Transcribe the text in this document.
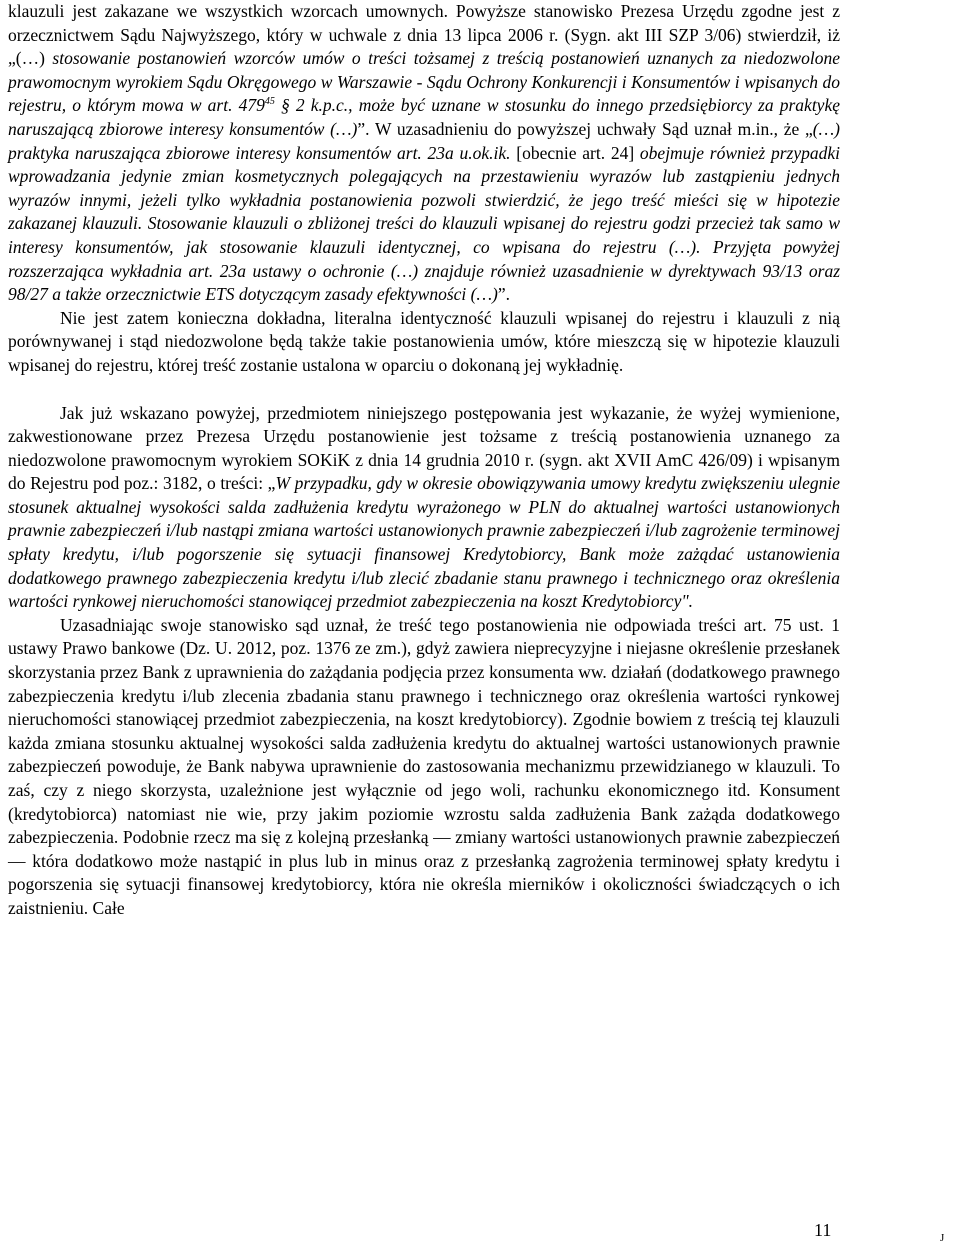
klauzuli jest zakazane we wszystkich wzorcach umownych. Powyższe stanowisko Prezesa Urzędu zgodne jest z orzecznictwem Sądu Najwyższego, który w uchwale z dnia 13 lipca 2006 r. (Sygn. akt III SZP 3/06) stwierdził, iż „(…) stosowanie postanowień wzorców umów o treści tożsamej z treścią postanowień uznanych za niedozwolone prawomocnym wyrokiem Sądu Okręgowego w Warszawie - Sądu Ochrony Konkurencji i Konsumentów i wpisanych do rejestru, o którym mowa w art. $479^{45}$ § 2 k.p.c., może być uznane w stosunku do innego przedsiębiorcy za praktykę naruszającą zbiorowe interesy konsumentów (…)”. W uzasadnieniu do powyższej uchwały Sąd uznał m.in., że „(…) praktyka naruszająca zbiorowe interesy konsumentów art. 23a u.ok.ik. [obecnie art. 24] obejmuje również przypadki wprowadzania jedynie zmian kosmetycznych polegających na przestawieniu wyrazów lub zastąpieniu jednych wyrazów innymi, jeżeli tylko wykładnia postanowienia pozwoli stwierdzić, że jego treść mieści się w hipotezie zakazanej klauzuli. Stosowanie klauzuli o zbliżonej treści do klauzuli wpisanej do rejestru godzi przecież tak samo w interesy konsumentów, jak stosowanie klauzuli identycznej, co wpisana do rejestru (…). Przyjęta powyżej rozszerzająca wykładnia art. 23a ustawy o ochronie (…) znajduje również uzasadnienie w dyrektywach 93/13 oraz 98/27 a także orzecznictwie ETS dotyczącym zasady efektywności (…)”.

Nie jest zatem konieczna dokładna, literalna identyczność klauzuli wpisanej do rejestru i klauzuli z nią porównywanej i stąd niedozwolone będą także takie postanowienia umów, które mieszczą się w hipotezie klauzuli wpisanej do rejestru, której treść zostanie ustalona w oparciu o dokonaną jej wykładnię.

Jak już wskazano powyżej, przedmiotem niniejszego postępowania jest wykazanie, że wyżej wymienione, zakwestionowane przez Prezesa Urzędu postanowienie jest tożsame z treścią postanowienia uznanego za niedozwolone prawomocnym wyrokiem SOKiK z dnia 14 grudnia 2010 r. (sygn. akt XVII AmC 426/09) i wpisanym do Rejestru pod poz.: 3182, o treści: „W przypadku, gdy w okresie obowiązywania umowy kredytu zwiększeniu ulegnie stosunek aktualnej wysokości salda zadłużenia kredytu wyrażonego w PLN do aktualnej wartości ustanowionych prawnie zabezpieczeń i/lub nastąpi zmiana wartości ustanowionych prawnie zabezpieczeń i/lub zagrożenie terminowej spłaty kredytu, i/lub pogorszenie się sytuacji finansowej Kredytobiorcy, Bank może zażądać ustanowienia dodatkowego prawnego zabezpieczenia kredytu i/lub zlecić zbadanie stanu prawnego i technicznego oraz określenia wartości rynkowej nieruchomości stanowiącej przedmiot zabezpieczenia na koszt Kredytobiorcy".

Uzasadniając swoje stanowisko sąd uznał, że treść tego postanowienia nie odpowiada treści art. 75 ust. 1 ustawy Prawo bankowe (Dz. U. 2012, poz. 1376 ze zm.), gdyż zawiera nieprecyzyjne i niejasne określenie przesłanek skorzystania przez Bank z uprawnienia do zażądania podjęcia przez konsumenta ww. działań (dodatkowego prawnego zabezpieczenia kredytu i/lub zlecenia zbadania stanu prawnego i technicznego oraz określenia wartości rynkowej nieruchomości stanowiącej przedmiot zabezpieczenia, na koszt kredytobiorcy). Zgodnie bowiem z treścią tej klauzuli każda zmiana stosunku aktualnej wysokości salda zadłużenia kredytu do aktualnej wartości ustanowionych prawnie zabezpieczeń powoduje, że Bank nabywa uprawnienie do zastosowania mechanizmu przewidzianego w klauzuli. To zaś, czy z niego skorzysta, uzależnione jest wyłącznie od jego woli, rachunku ekonomicznego itd. Konsument (kredytobiorca) natomiast nie wie, przy jakim poziomie wzrostu salda zadłużenia Bank zażąda dodatkowego zabezpieczenia. Podobnie rzecz ma się z kolejną przesłanką — zmiany wartości ustanowionych prawnie zabezpieczeń — która dodatkowo może nastąpić in plus lub in minus oraz z przesłanką zagrożenia terminowej spłaty kredytu i pogorszenia się sytuacji finansowej kredytobiorcy, która nie określa mierników i okoliczności świadczących o ich zaistnieniu. Całe

11	J
